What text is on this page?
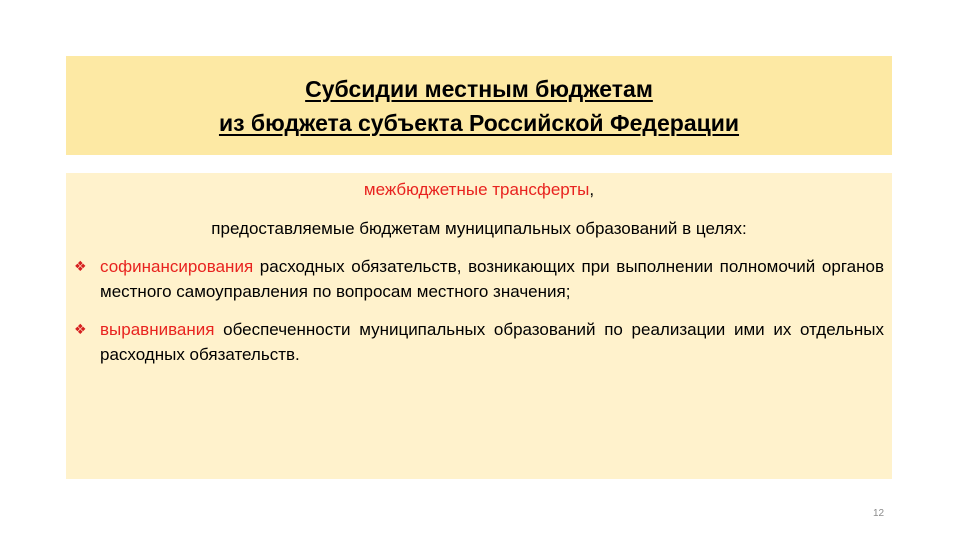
Субсидии местным бюджетам
из бюджета субъекта Российской Федерации

межбюджетные трансферты,

предоставляемые бюджетам муниципальных образований в целях:

❖ софинансирования расходных обязательств, возникающих при выполнении полномочий органов местного самоуправления по вопросам местного значения;
❖ выравнивания обеспеченности муниципальных образований по реализации ими их отдельных расходных обязательств.
12
